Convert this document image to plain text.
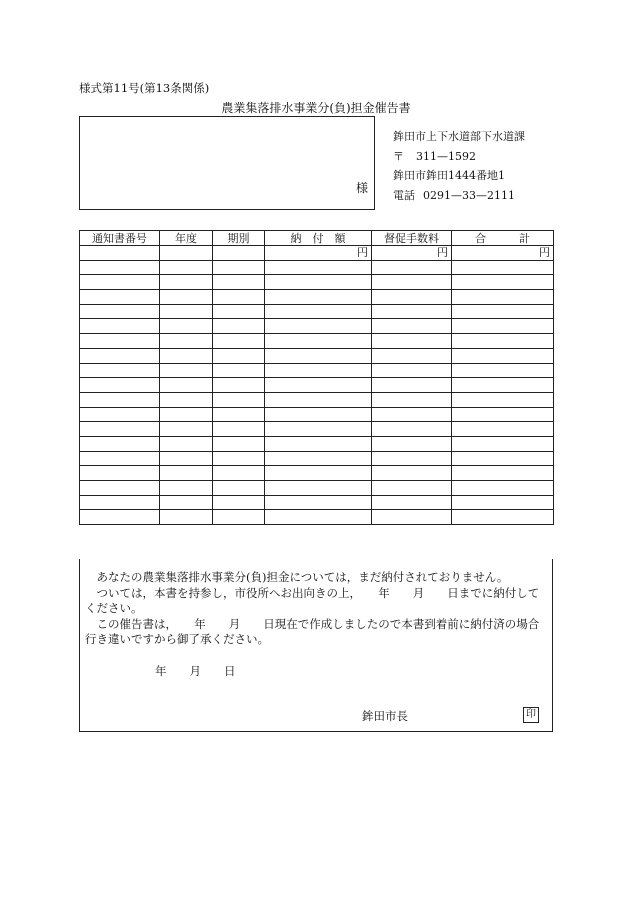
様式第11号(第13条関係)
農業集落排水事業分(負)担金催告書
様
鉾田市上下水道部下水道課
〒 311—1592
鉾田市鉾田1444番地1
電話 0291—33—2111
通知書番号	年度	期別	納　付　額	督促手数料	合　　　計
			円	円	円

あなたの農業集落排水事業分(負)担金については，まだ納付されておりません。
ついては，本書を持参し，市役所へお出向きの上，　　年　　月　　日までに納付してください。
この催告書は，　　年　　月　　日現在で作成しましたので本書到着前に納付済の場合行き違いですから御了承ください。
年　　月　　日
鉾田市長	印
